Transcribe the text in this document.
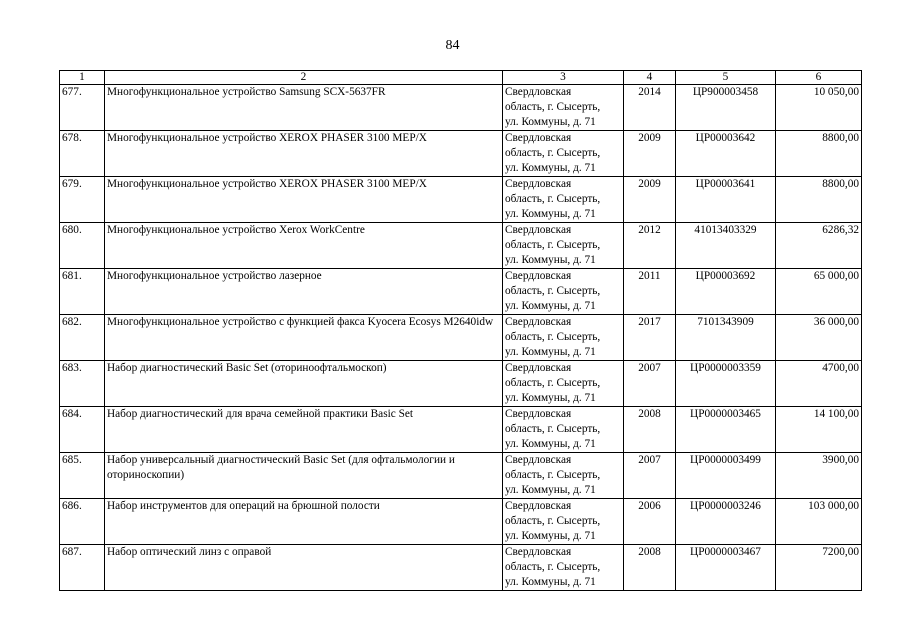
84
1	2	3	4	5	6
677.	Многофункциональное устройство Samsung SCX-5637FR	Свердловская
область, г. Сысерть,
ул. Коммуны, д. 71	2014	ЦР900003458	10 050,00
678.	Многофункциональное устройство XEROX PHASER 3100 MEP/X	Свердловская
область, г. Сысерть,
ул. Коммуны, д. 71	2009	ЦР00003642	8800,00
679.	Многофункциональное устройство XEROX PHASER 3100 MEP/X	Свердловская
область, г. Сысерть,
ул. Коммуны, д. 71	2009	ЦР00003641	8800,00
680.	Многофункциональное устройство Xerox WorkCentre	Свердловская
область, г. Сысерть,
ул. Коммуны, д. 71	2012	41013403329	6286,32
681.	Многофункциональное устройство лазерное	Свердловская
область, г. Сысерть,
ул. Коммуны, д. 71	2011	ЦР00003692	65 000,00
682.	Многофункциональное устройство с функцией факса Kyocera Ecosys M2640idw	Свердловская
область, г. Сысерть,
ул. Коммуны, д. 71	2017	7101343909	36 000,00
683.	Набор диагностический Basic Set (оториноофтальмоскоп)	Свердловская
область, г. Сысерть,
ул. Коммуны, д. 71	2007	ЦР0000003359	4700,00
684.	Набор диагностический для врача семейной практики Basic Set	Свердловская
область, г. Сысерть,
ул. Коммуны, д. 71	2008	ЦР0000003465	14 100,00
685.	Набор универсальный диагностический Basic Set (для офтальмологии и оториноскопии)	Свердловская
область, г. Сысерть,
ул. Коммуны, д. 71	2007	ЦР0000003499	3900,00
686.	Набор инструментов для операций на брюшной полости	Свердловская
область, г. Сысерть,
ул. Коммуны, д. 71	2006	ЦР0000003246	103 000,00
687.	Набор оптический линз с оправой	Свердловская
область, г. Сысерть,
ул. Коммуны, д. 71	2008	ЦР0000003467	7200,00
